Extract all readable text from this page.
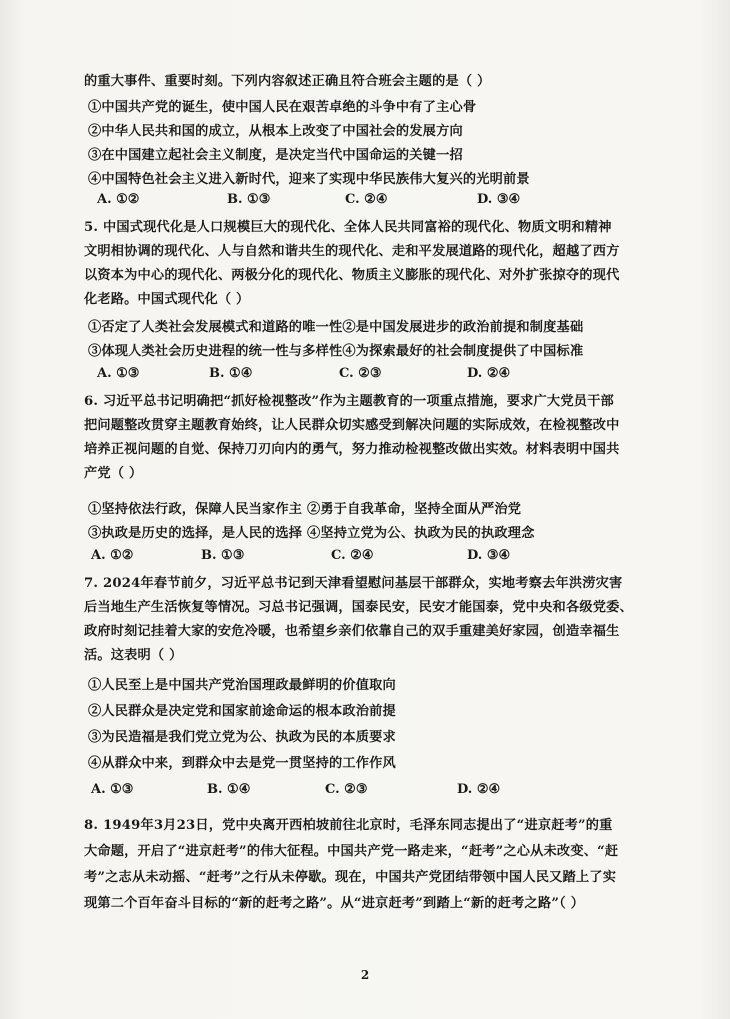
的重大事件、重要时刻。下列内容叙述正确且符合班会主题的是（ ）
①中国共产党的诞生，使中国人民在艰苦卓绝的斗争中有了主心骨
②中华人民共和国的成立，从根本上改变了中国社会的发展方向
③在中国建立起社会主义制度，是决定当代中国命运的关键一招
④中国特色社会主义进入新时代，迎来了实现中华民族伟大复兴的光明前景
A. ①②	B. ①③	C. ②④	D. ③④
5. 中国式现代化是人口规模巨大的现代化、全体人民共同富裕的现代化、物质文明和精神
文明相协调的现代化、人与自然和谐共生的现代化、走和平发展道路的现代化，超越了西方
以资本为中心的现代化、两极分化的现代化、物质主义膨胀的现代化、对外扩张掠夺的现代
化老路。中国式现代化（ ）
①否定了人类社会发展模式和道路的唯一性②是中国发展进步的政治前提和制度基础
③体现人类社会历史进程的统一性与多样性④为探索最好的社会制度提供了中国标准
A. ①③	B. ①④	C. ②③	D. ②④
6. 习近平总书记明确把“抓好检视整改”作为主题教育的一项重点措施，要求广大党员干部
把问题整改贯穿主题教育始终，让人民群众切实感受到解决问题的实际成效，在检视整改中
培养正视问题的自觉、保持刀刃向内的勇气，努力推动检视整改做出实效。材料表明中国共
产党（ ）
①坚持依法行政，保障人民当家作主 ②勇于自我革命，坚持全面从严治党
③执政是历史的选择，是人民的选择 ④坚持立党为公、执政为民的执政理念
A. ①②	B. ①③	C. ②④	D. ③④
7. 2024年春节前夕，习近平总书记到天津看望慰问基层干部群众，实地考察去年洪涝灾害
后当地生产生活恢复等情况。习总书记强调，国泰民安，民安才能国泰，党中央和各级党委、
政府时刻记挂着大家的安危冷暖，也希望乡亲们依靠自己的双手重建美好家园，创造幸福生
活。这表明（ ）
①人民至上是中国共产党治国理政最鲜明的价值取向
②人民群众是决定党和国家前途命运的根本政治前提
③为民造福是我们党立党为公、执政为民的本质要求
④从群众中来，到群众中去是党一贯坚持的工作作风
A. ①③	B. ①④	C. ②③	D. ②④
8. 1949年3月23日，党中央离开西柏坡前往北京时，毛泽东同志提出了“进京赶考”的重
大命题，开启了“进京赶考”的伟大征程。中国共产党一路走来，“赶考”之心从未改变、“赶
考”之志从未动摇、“赶考”之行从未停歇。现在，中国共产党团结带领中国人民又踏上了实
现第二个百年奋斗目标的“新的赶考之路”。从“进京赶考”到踏上“新的赶考之路”（ ）
2
